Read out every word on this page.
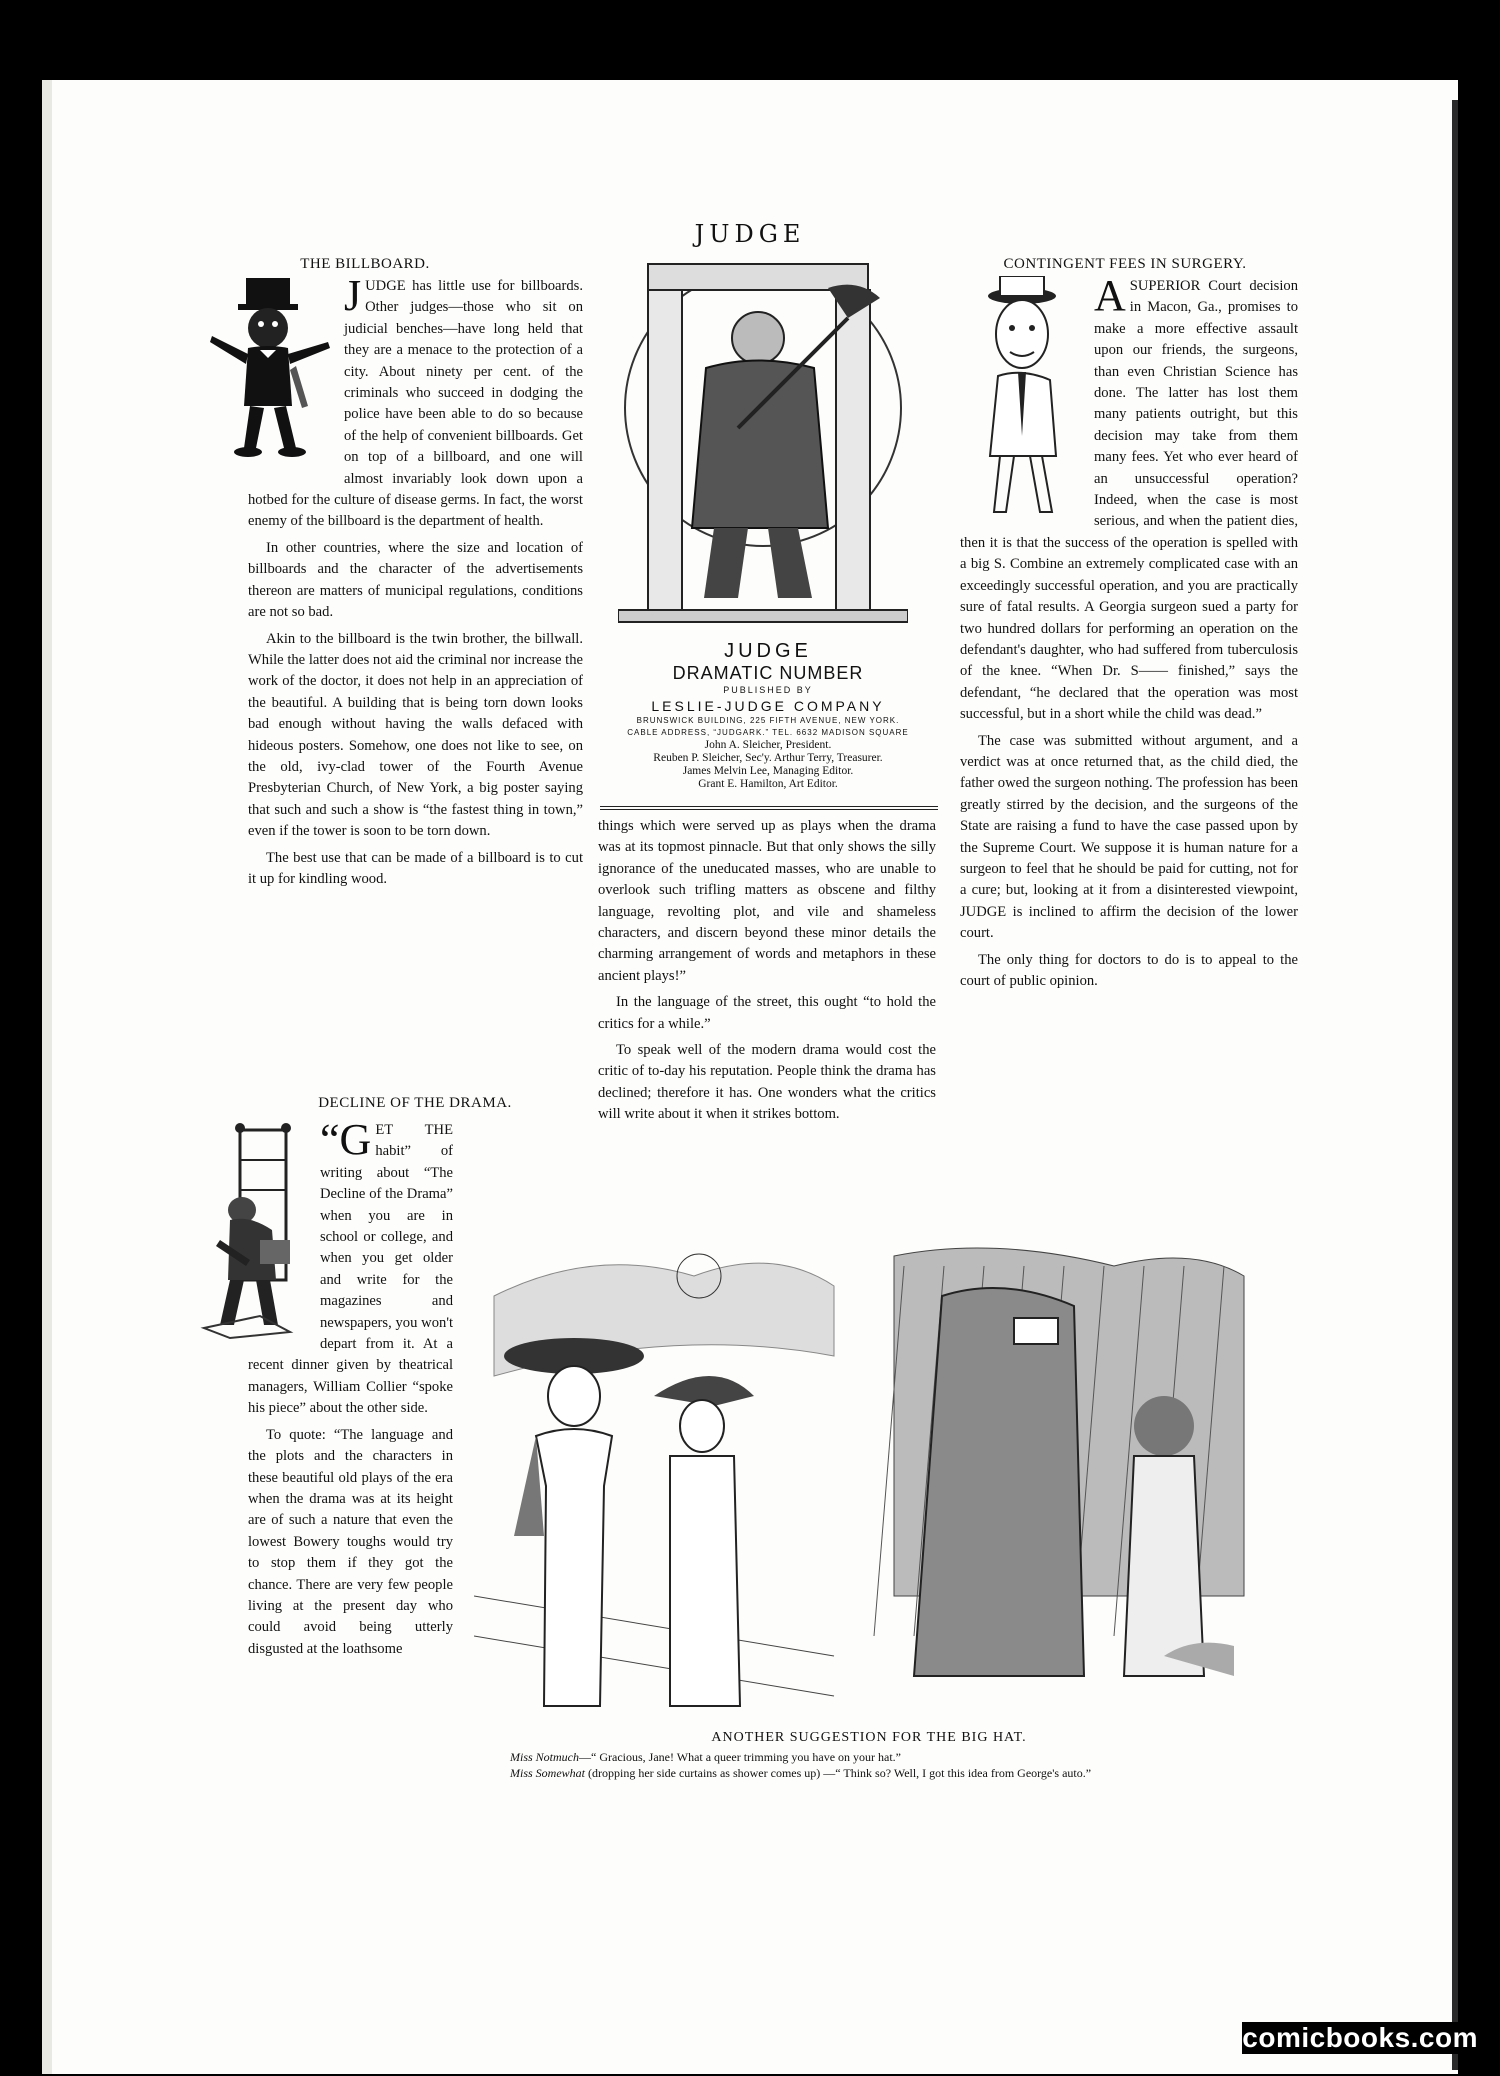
JUDGE
THE BILLBOARD.
JUDGE has little use for billboards. Other judges—those who sit on judicial benches—have long held that they are a menace to the protection of a city. About ninety per cent. of the criminals who succeed in dodging the police have been able to do so because of the help of convenient billboards. Get on top of a billboard, and one will almost invariably look down upon a hotbed for the culture of disease germs. In fact, the worst enemy of the billboard is the department of health.

In other countries, where the size and location of billboards and the character of the advertisements thereon are matters of municipal regulations, conditions are not so bad.

Akin to the billboard is the twin brother, the billwall. While the latter does not aid the criminal nor increase the work of the doctor, it does not help in an appreciation of the beautiful. A building that is being torn down looks bad enough without having the walls defaced with hideous posters. Somehow, one does not like to see, on the old, ivy-clad tower of the Fourth Avenue Presbyterian Church, of New York, a big poster saying that such and such a show is “the fastest thing in town,” even if the tower is soon to be torn down.

The best use that can be made of a billboard is to cut it up for kindling wood.

DECLINE OF THE DRAMA.
“GET THE habit” of writing about “The Decline of the Drama” when you are in school or college, and when you get older and write for the magazines and newspapers, you won't depart from it. At a recent dinner given by theatrical managers, William Collier “spoke his piece” about the other side.

To quote: “The language and the plots and the characters in these beautiful old plays of the era when the drama was at its height are of such a nature that even the lowest Bowery toughs would try to stop them if they got the chance. There are very few people living at the present day who could avoid being utterly disgusted at the loathsome

JUDGE
DRAMATIC NUMBER
PUBLISHED BY
LESLIE-JUDGE COMPANY
BRUNSWICK BUILDING, 225 FIFTH AVENUE, NEW YORK.
CABLE ADDRESS, “JUDGARK.” TEL. 6632 MADISON SQUARE
John A. Sleicher, President.
Reuben P. Sleicher, Sec'y. Arthur Terry, Treasurer.
James Melvin Lee, Managing Editor.
Grant E. Hamilton, Art Editor.

things which were served up as plays when the drama was at its topmost pinnacle. But that only shows the silly ignorance of the uneducated masses, who are unable to overlook such trifling matters as obscene and filthy language, revolting plot, and vile and shameless characters, and discern beyond these minor details the charming arrangement of words and metaphors in these ancient plays!”

In the language of the street, this ought “to hold the critics for a while.”

To speak well of the modern drama would cost the critic of to-day his reputation. People think the drama has declined; therefore it has. One wonders what the critics will write about it when it strikes bottom.

CONTINGENT FEES IN SURGERY.
ASUPERIOR Court decision in Macon, Ga., promises to make a more effective assault upon our friends, the surgeons, than even Christian Science has done. The latter has lost them many patients outright, but this decision may take from them many fees. Yet who ever heard of an unsuccessful operation? Indeed, when the case is most serious, and when the patient dies, then it is that the success of the operation is spelled with a big S. Combine an extremely complicated case with an exceedingly successful operation, and you are practically sure of fatal results. A Georgia surgeon sued a party for two hundred dollars for performing an operation on the defendant's daughter, who had suffered from tuberculosis of the knee. “When Dr. S—— finished,” says the defendant, “he declared that the operation was most successful, but in a short while the child was dead.”

The case was submitted without argument, and a verdict was at once returned that, as the child died, the father owed the surgeon nothing. The profession has been greatly stirred by the decision, and the surgeons of the State are raising a fund to have the case passed upon by the Supreme Court. We suppose it is human nature for a surgeon to feel that he should be paid for cutting, not for a cure; but, looking at it from a disinterested viewpoint, JUDGE is inclined to affirm the decision of the lower court.

The only thing for doctors to do is to appeal to the court of public opinion.

ANOTHER SUGGESTION FOR THE BIG HAT.
Miss Notmuch—“ Gracious, Jane! What a queer trimming you have on your hat.”
Miss Somewhat (dropping her side curtains as shower comes up) —“ Think so? Well, I got this idea from George's auto.”
comicbooks.com
